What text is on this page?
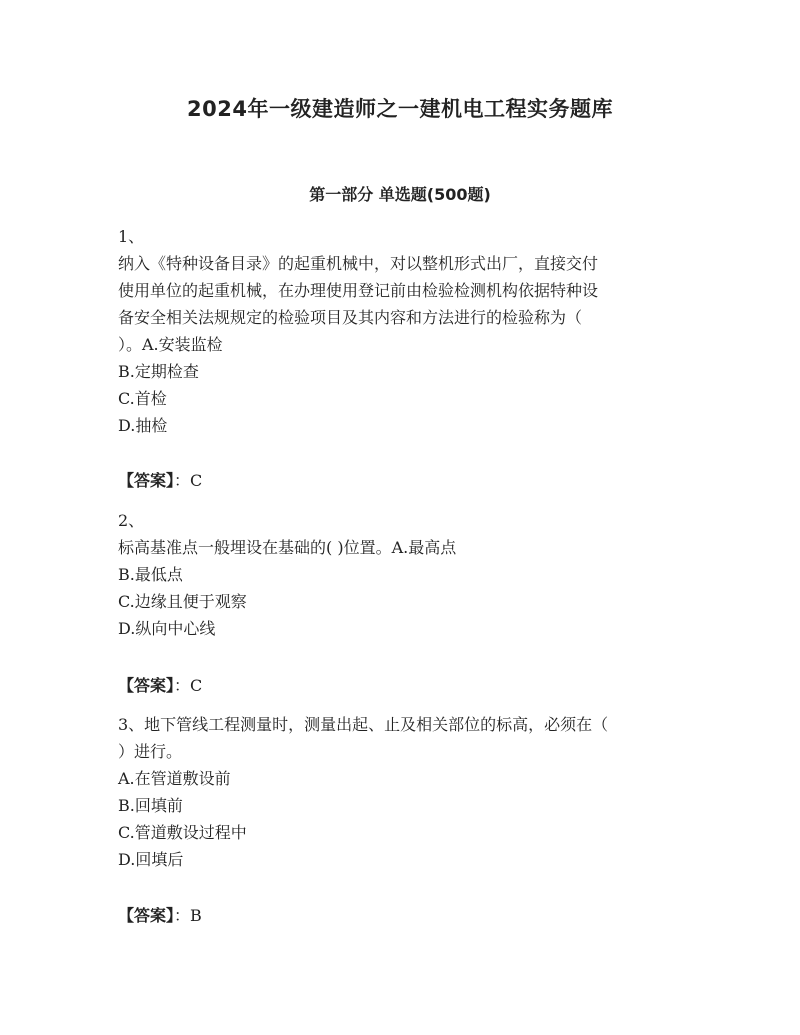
2024年一级建造师之一建机电工程实务题库
第一部分 单选题(500题)
1、
纳入《特种设备目录》的起重机械中，对以整机形式出厂，直接交付
使用单位的起重机械，在办理使用登记前由检验检测机构依据特种设
备安全相关法规规定的检验项目及其内容和方法进行的检验称为（
）。A.安装监检
B.定期检查
C.首检
D.抽检
【答案】：C
2、
标高基准点一般埋设在基础的( )位置。A.最高点
B.最低点
C.边缘且便于观察
D.纵向中心线
【答案】：C
3、地下管线工程测量时，测量出起、止及相关部位的标高，必须在（
）进行。
A.在管道敷设前
B.回填前
C.管道敷设过程中
D.回填后
【答案】：B
